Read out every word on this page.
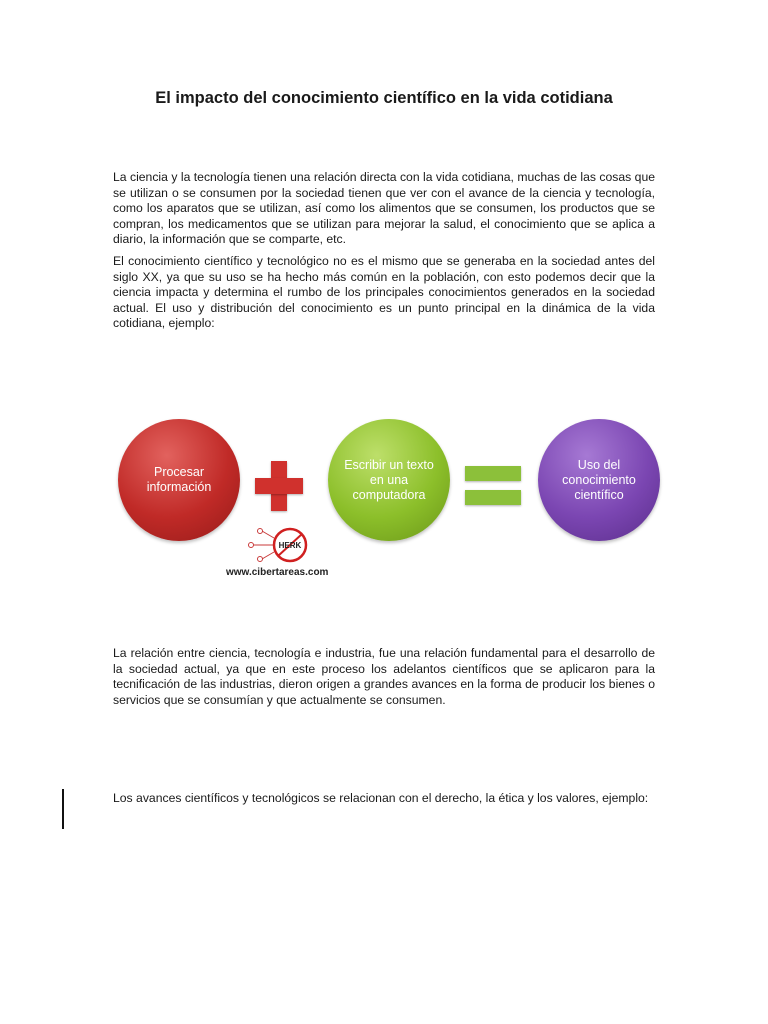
El impacto del conocimiento científico en la vida cotidiana

La ciencia y la tecnología tienen una relación directa con la vida cotidiana, muchas de las cosas que se utilizan o se consumen por la sociedad tienen que ver con el avance de la ciencia y tecnología, como los aparatos que se utilizan, así como los alimentos que se consumen, los productos que se compran, los medicamentos que se utilizan para mejorar la salud, el conocimiento que se aplica a diario, la información que se comparte, etc.

El conocimiento científico y tecnológico no es el mismo que se generaba en la sociedad antes del siglo XX, ya que su uso se ha hecho más común en la población, con esto podemos decir que la ciencia impacta y determina el rumbo de los principales conocimientos generados en la sociedad actual. El uso y distribución del conocimiento es un punto principal en la dinámica de la vida cotidiana, ejemplo:

Procesar información
Escribir un texto en una computadora
Uso del conocimiento científico
HERK
www.cibertareas.com

La relación entre ciencia, tecnología e industria, fue una relación fundamental para el desarrollo de la sociedad actual, ya que en este proceso los adelantos científicos que se aplicaron para la tecnificación de las industrias, dieron origen a grandes avances en la forma de producir los bienes o servicios que se consumían y que actualmente se consumen.

Los avances científicos y tecnológicos se relacionan con el derecho, la ética y los valores, ejemplo:
